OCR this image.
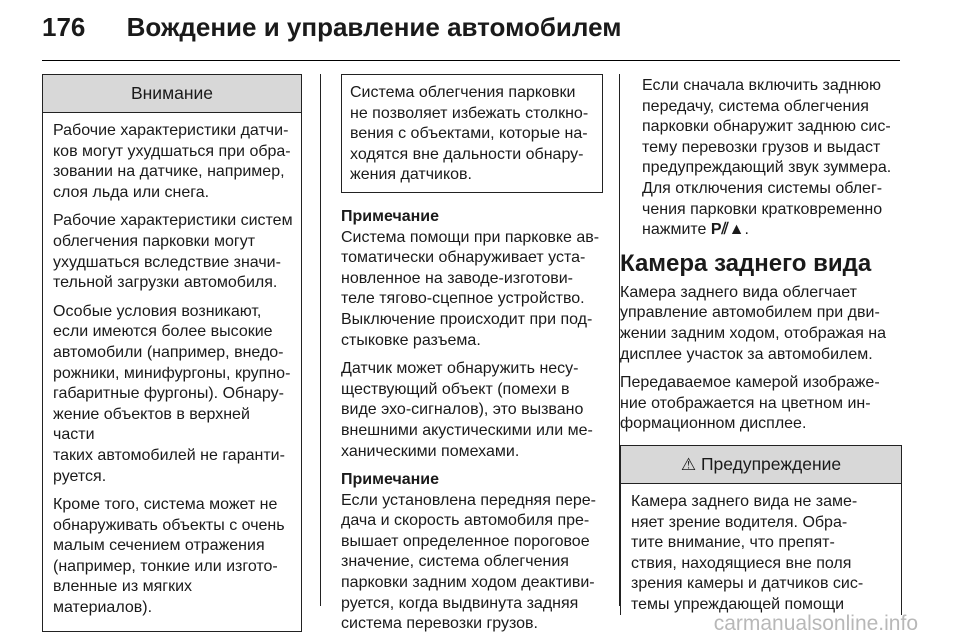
176 Вождение и управление автомобилем
Внимание

Рабочие характеристики датчи-
ков могут ухудшаться при обра-
зовании на датчике, например,
слоя льда или снега.

Рабочие характеристики систем
облегчения парковки могут
ухудшаться вследствие значи-
тельной загрузки автомобиля.

Особые условия возникают,
если имеются более высокие
автомобили (например, внедо-
рожники, минифургоны, крупно-
габаритные фургоны). Обнару-
жение объектов в верхней части
таких автомобилей не гаранти-
руется.

Кроме того, система может не
обнаруживать объекты с очень
малым сечением отражения
(например, тонкие или изгото-
вленные из мягких материалов).

Система облегчения парковки
не позволяет избежать столкно-
вения с объектами, которые на-
ходятся вне дальности обнару-
жения датчиков.
Примечание

Система помощи при парковке ав-
томатически обнаруживает уста-
новленное на заводе-изготови-
теле тягово-сцепное устройство.
Выключение происходит при под-
стыковке разъема.

Датчик может обнаружить несу-
ществующий объект (помехи в
виде эхо-сигналов), это вызвано
внешними акустическими или ме-
ханическими помехами.

Примечание

Если установлена передняя пере-
дача и скорость автомобиля пре-
вышает определенное пороговое
значение, система облегчения
парковки задним ходом деактиви-
руется, когда выдвинута задняя
система перевозки грузов.

Если сначала включить заднюю
передачу, система облегчения
парковки обнаружит заднюю сис-
тему перевозки грузов и выдаст
предупреждающий звук зуммера.
Для отключения системы облег-
чения парковки кратковременно
нажмите P⫽▲.

Камера заднего вида

Камера заднего вида облегчает
управление автомобилем при дви-
жении задним ходом, отображая на
дисплее участок за автомобилем.

Передаваемое камерой изображе-
ние отображается на цветном ин-
формационном дисплее.

⚠ Предупреждение
Камера заднего вида не заме-
няет зрение водителя. Обра-
тите внимание, что препят-
ствия, находящиеся вне поля
зрения камеры и датчиков сис-
темы упреждающей помощи
carmanualsonline.info
